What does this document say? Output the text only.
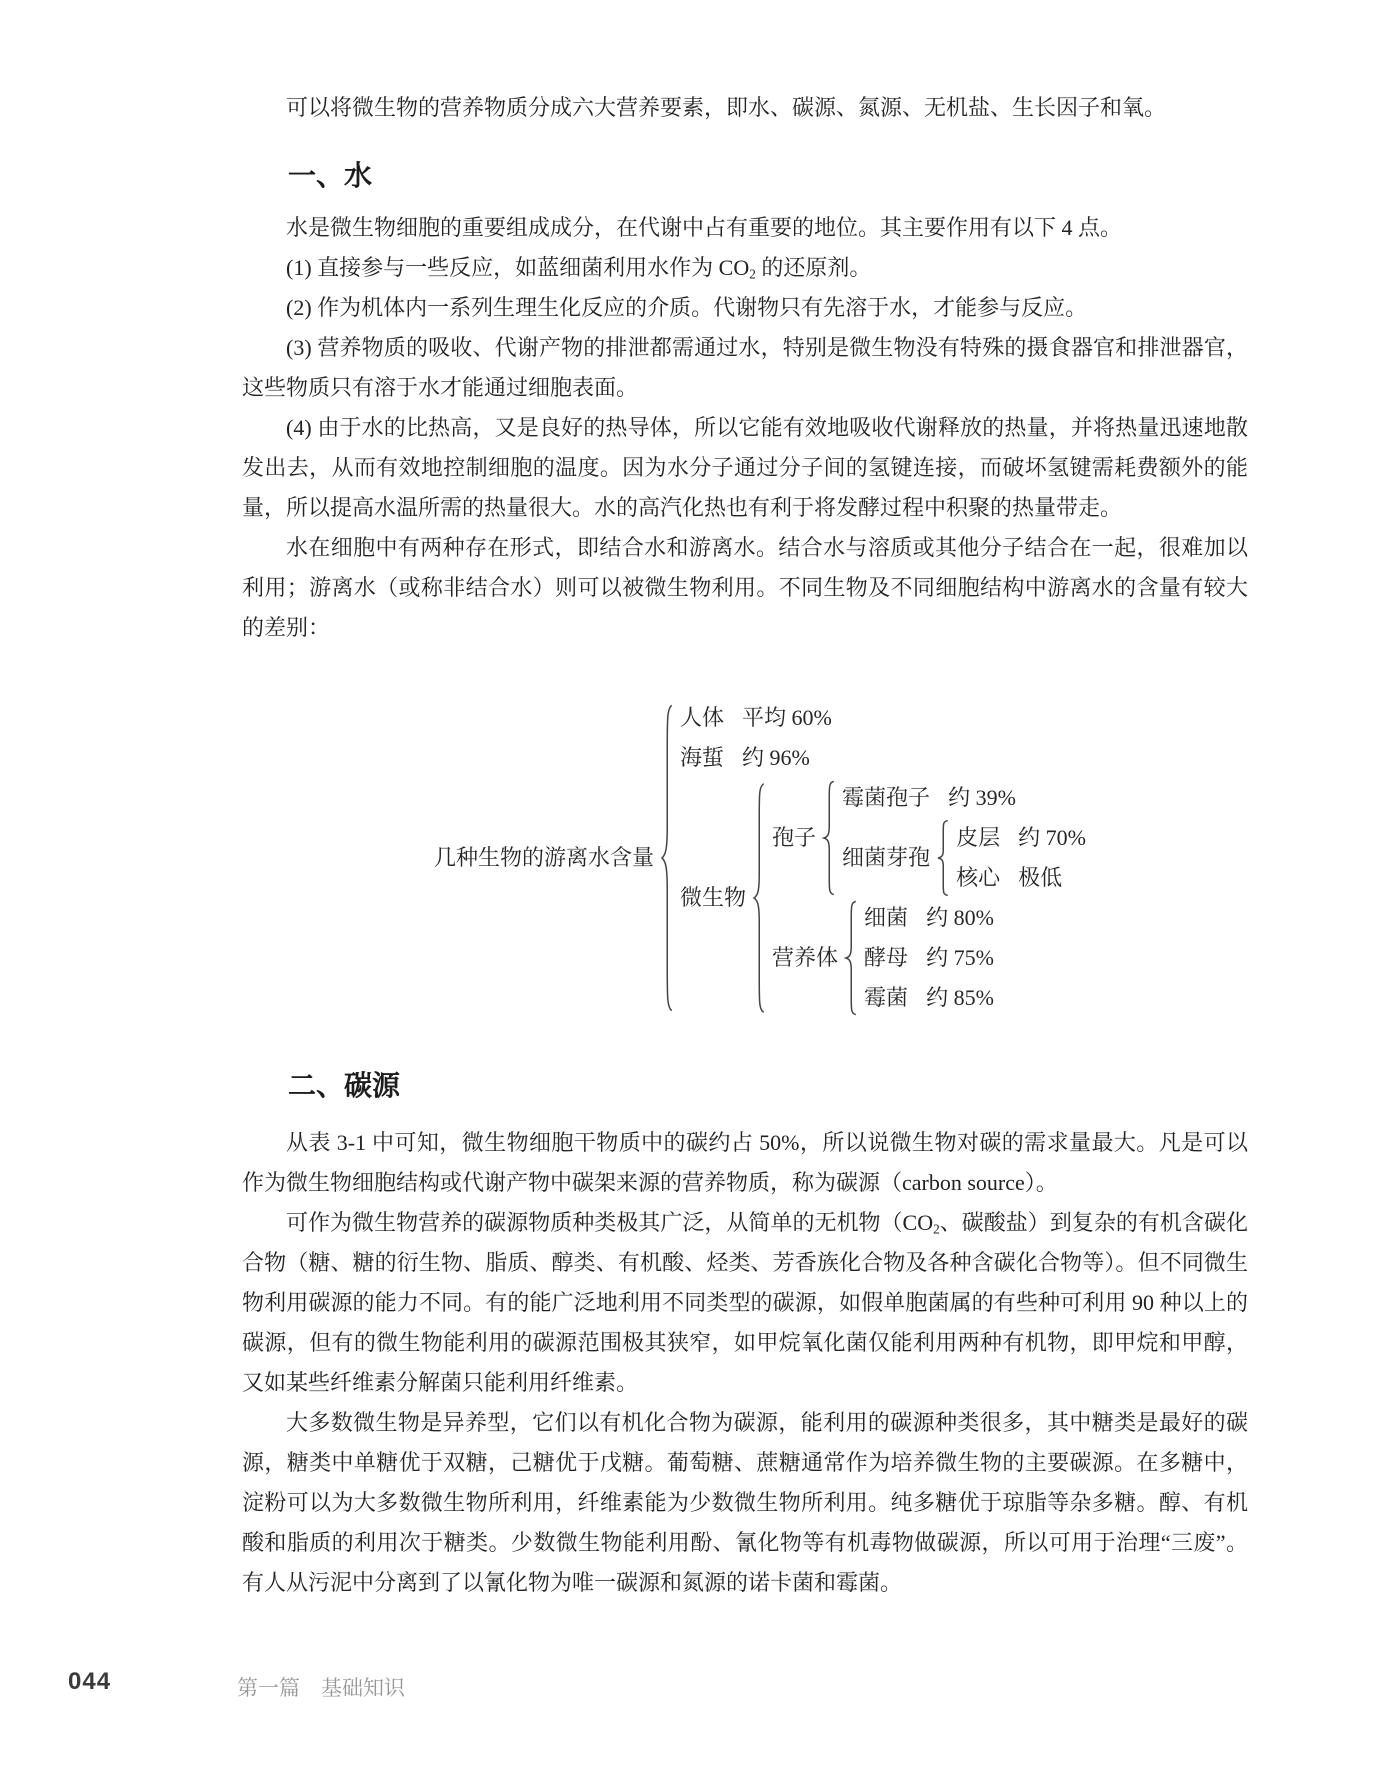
可以将微生物的营养物质分成六大营养要素，即水、碳源、氮源、无机盐、生长因子和氧。

一、水

水是微生物细胞的重要组成成分，在代谢中占有重要的地位。其主要作用有以下 4 点。

(1) 直接参与一些反应，如蓝细菌利用水作为 $CO_2$ 的还原剂。

(2) 作为机体内一系列生理生化反应的介质。代谢物只有先溶于水，才能参与反应。

(3) 营养物质的吸收、代谢产物的排泄都需通过水，特别是微生物没有特殊的摄食器官和排泄器官，这些物质只有溶于水才能通过细胞表面。

(4) 由于水的比热高，又是良好的热导体，所以它能有效地吸收代谢释放的热量，并将热量迅速地散发出去，从而有效地控制细胞的温度。因为水分子通过分子间的氢键连接，而破坏氢键需耗费额外的能量，所以提高水温所需的热量很大。水的高汽化热也有利于将发酵过程中积聚的热量带走。

水在细胞中有两种存在形式，即结合水和游离水。结合水与溶质或其他分子结合在一起，很难加以利用；游离水（或称非结合水）则可以被微生物利用。不同生物及不同细胞结构中游离水的含量有较大的差别：

几种生物的游离水含量
人体 平均 60%
海蜇 约 96%
微生物
孢子
霉菌孢子 约 39%
细菌芽孢
皮层 约 70%
核心 极低
营养体
细菌 约 80%
酵母 约 75%
霉菌 约 85%
二、碳源

从表 3-1 中可知，微生物细胞干物质中的碳约占 50%，所以说微生物对碳的需求量最大。凡是可以作为微生物细胞结构或代谢产物中碳架来源的营养物质，称为碳源（carbon source）。

可作为微生物营养的碳源物质种类极其广泛，从简单的无机物（$CO_2$、碳酸盐）到复杂的有机含碳化合物（糖、糖的衍生物、脂质、醇类、有机酸、烃类、芳香族化合物及各种含碳化合物等）。但不同微生物利用碳源的能力不同。有的能广泛地利用不同类型的碳源，如假单胞菌属的有些种可利用 90 种以上的碳源，但有的微生物能利用的碳源范围极其狭窄，如甲烷氧化菌仅能利用两种有机物，即甲烷和甲醇，又如某些纤维素分解菌只能利用纤维素。

大多数微生物是异养型，它们以有机化合物为碳源，能利用的碳源种类很多，其中糖类是最好的碳源，糖类中单糖优于双糖，己糖优于戊糖。葡萄糖、蔗糖通常作为培养微生物的主要碳源。在多糖中，淀粉可以为大多数微生物所利用，纤维素能为少数微生物所利用。纯多糖优于琼脂等杂多糖。醇、有机酸和脂质的利用次于糖类。少数微生物能利用酚、氰化物等有机毒物做碳源，所以可用于治理“三废”。有人从污泥中分离到了以氰化物为唯一碳源和氮源的诺卡菌和霉菌。

044	第一篇　基础知识
